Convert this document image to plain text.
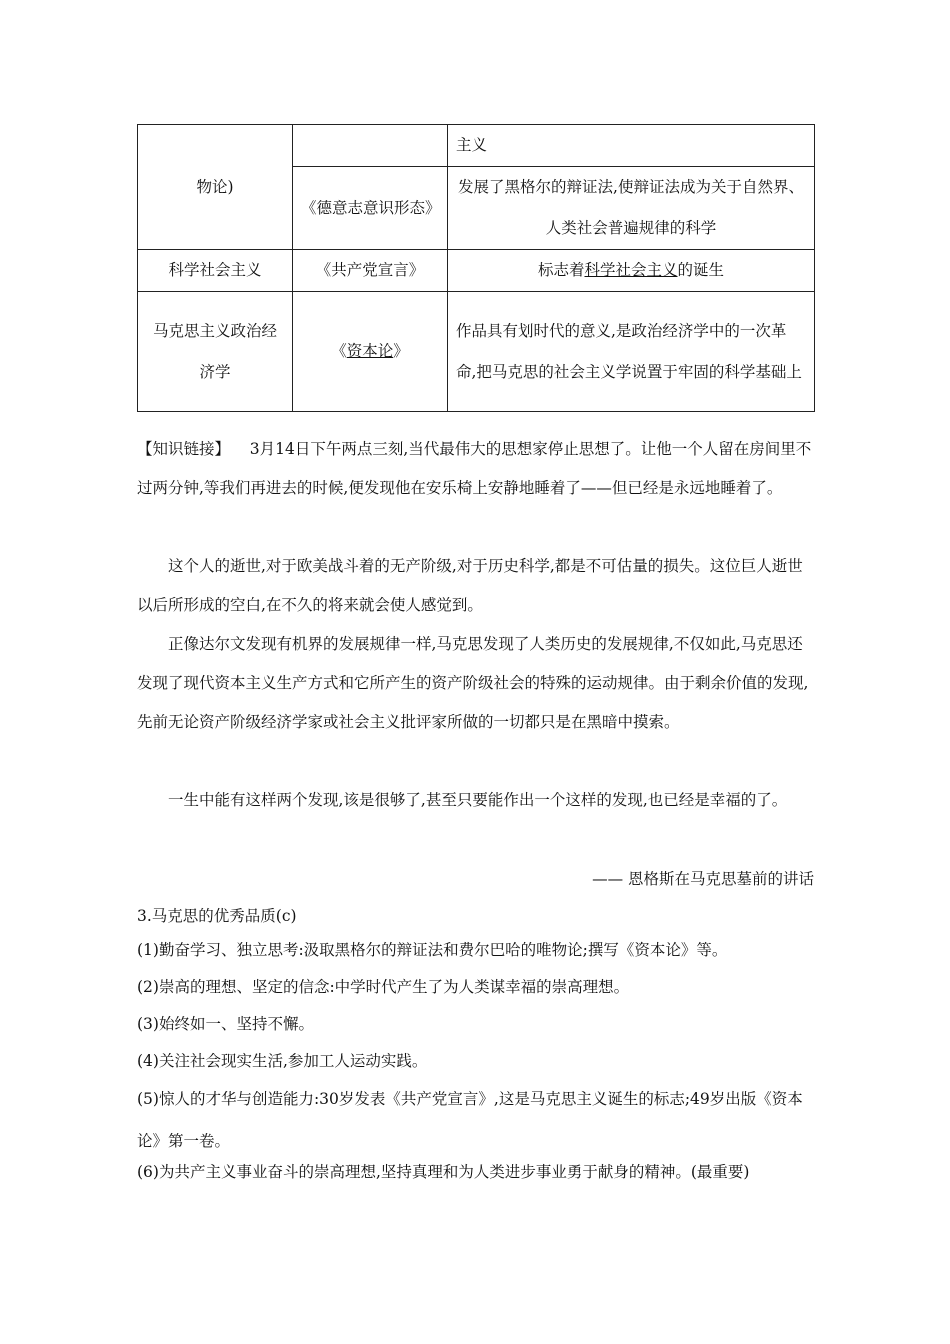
物论)		主义
	《德意志意识形态》	发展了黑格尔的辩证法,使辩证法成为关于自然界、人类社会普遍规律的科学
科学社会主义	《共产党宣言》	标志着科学社会主义的诞生
马克思主义政治经济学	《资本论》	作品具有划时代的意义,是政治经济学中的一次革命,把马克思的社会主义学说置于牢固的科学基础上

【知识链接】 3月14日下午两点三刻,当代最伟大的思想家停止思想了。让他一个人留在房间里不过两分钟,等我们再进去的时候,便发现他在安乐椅上安静地睡着了——但已经是永远地睡着了。

这个人的逝世,对于欧美战斗着的无产阶级,对于历史科学,都是不可估量的损失。这位巨人逝世以后所形成的空白,在不久的将来就会使人感觉到。

正像达尔文发现有机界的发展规律一样,马克思发现了人类历史的发展规律,不仅如此,马克思还发现了现代资本主义生产方式和它所产生的资产阶级社会的特殊的运动规律。由于剩余价值的发现,先前无论资产阶级经济学家或社会主义批评家所做的一切都只是在黑暗中摸索。

一生中能有这样两个发现,该是很够了,甚至只要能作出一个这样的发现,也已经是幸福的了。

—— 恩格斯在马克思墓前的讲话

3.马克思的优秀品质(c)

(1)勤奋学习、独立思考:汲取黑格尔的辩证法和费尔巴哈的唯物论;撰写《资本论》等。

(2)崇高的理想、坚定的信念:中学时代产生了为人类谋幸福的崇高理想。

(3)始终如一、坚持不懈。

(4)关注社会现实生活,参加工人运动实践。

(5)惊人的才华与创造能力:30岁发表《共产党宣言》,这是马克思主义诞生的标志;49岁出版《资本论》第一卷。

(6)为共产主义事业奋斗的崇高理想,坚持真理和为人类进步事业勇于献身的精神。(最重要)
